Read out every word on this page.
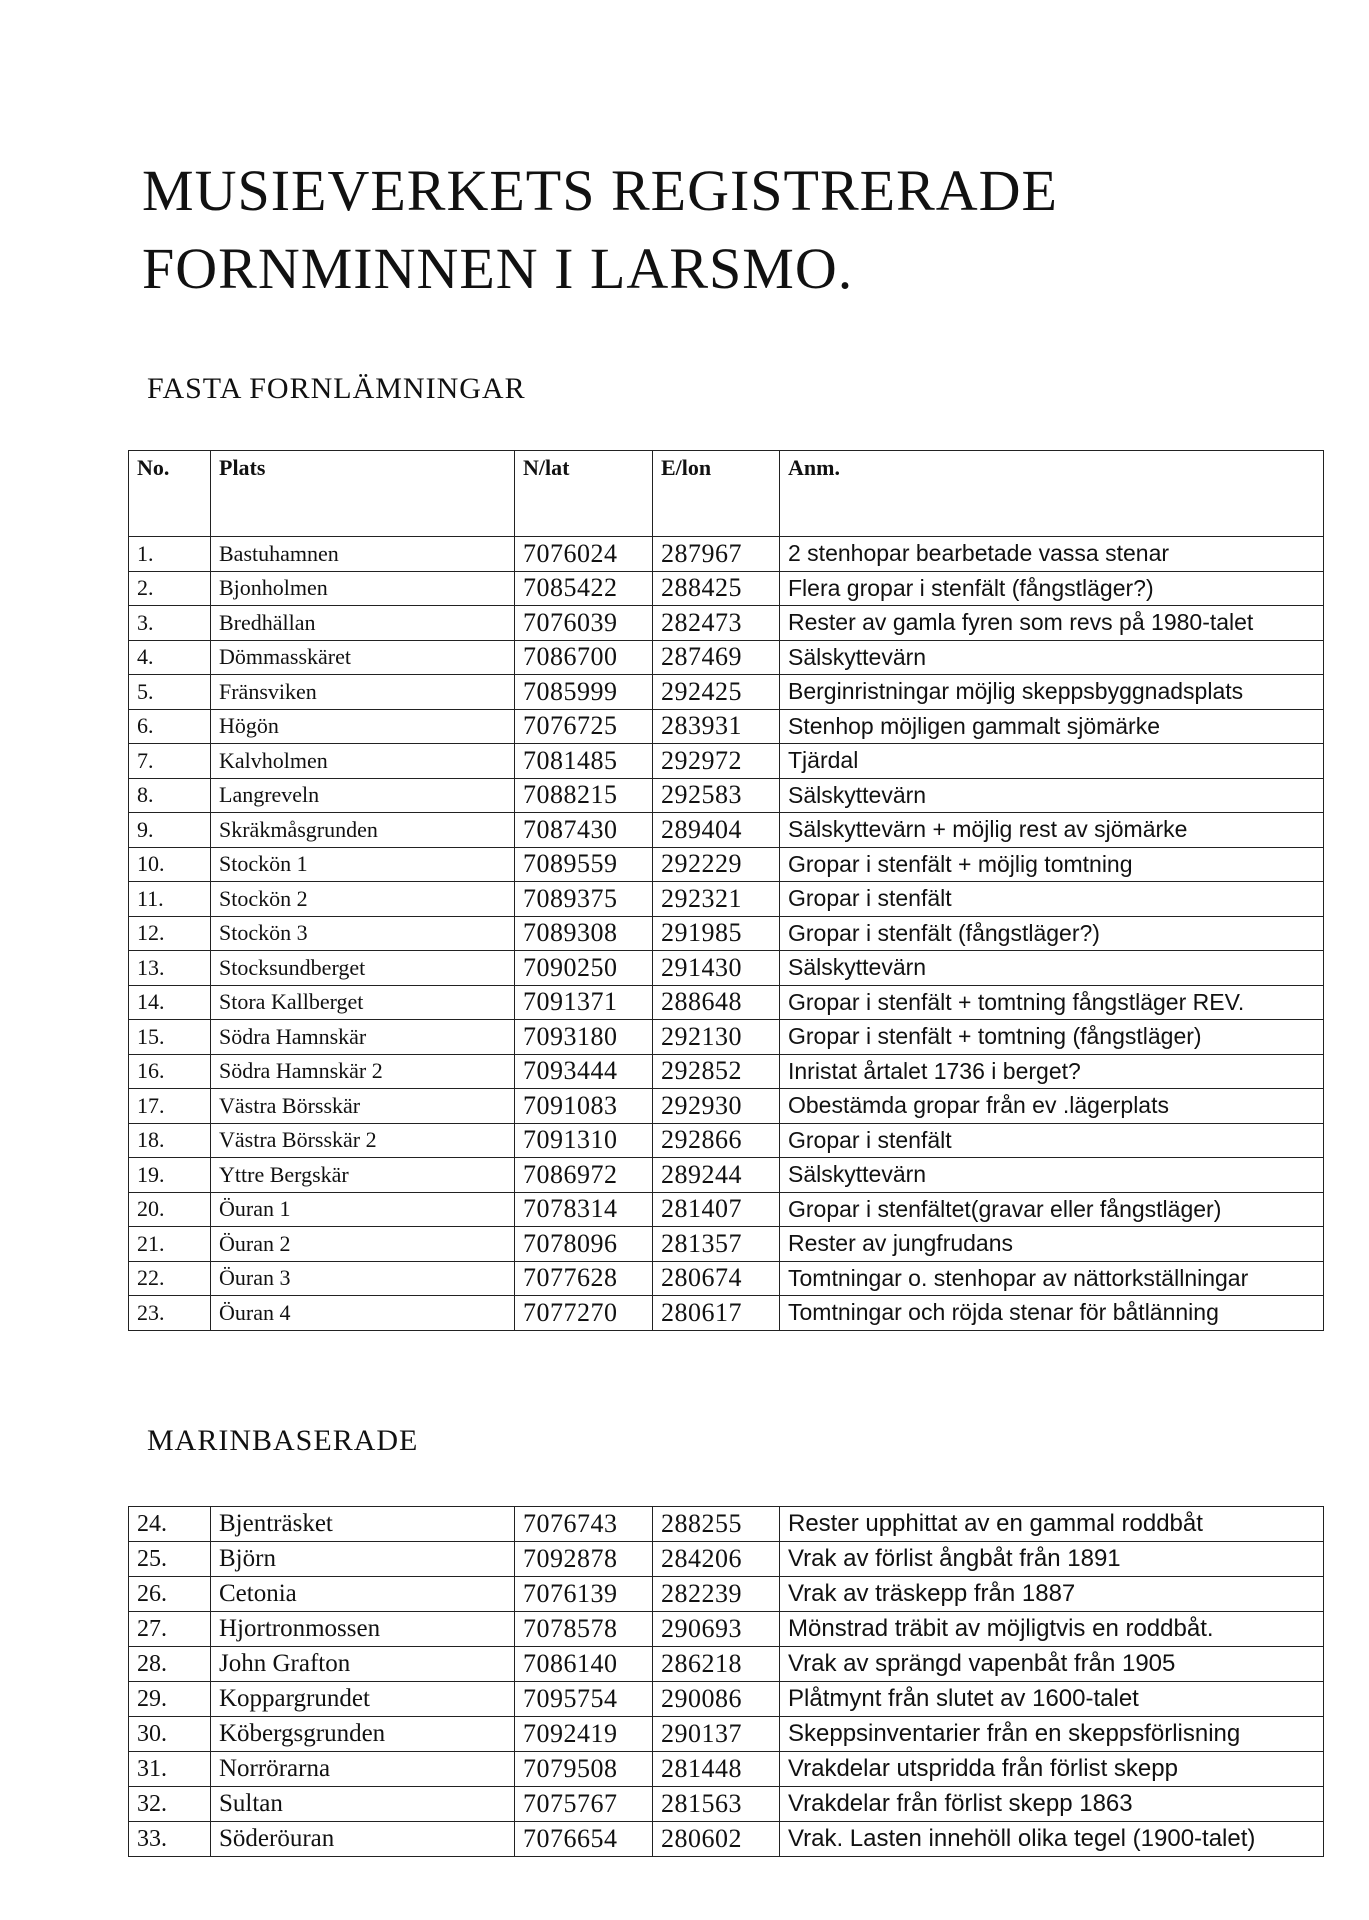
MUSIEVERKETS REGISTRERADE
FORNMINNEN I LARSMO.
FASTA FORNLÄMNINGAR
No.	Plats	N/lat	E/lon	Anm.

1.	Bastuhamnen	7076024	287967	2 stenhopar bearbetade vassa stenar
2.	Bjonholmen	7085422	288425	Flera gropar i stenfält (fångstläger?)
3.	Bredhällan	7076039	282473	Rester av gamla fyren som revs på 1980-talet
4.	Dömmasskäret	7086700	287469	Sälskyttevärn
5.	Fränsviken	7085999	292425	Berginristningar möjlig skeppsbyggnadsplats
6.	Högön	7076725	283931	Stenhop möjligen gammalt sjömärke
7.	Kalvholmen	7081485	292972	Tjärdal
8.	Langreveln	7088215	292583	Sälskyttevärn
9.	Skräkmåsgrunden	7087430	289404	Sälskyttevärn + möjlig rest av sjömärke
10.	Stockön 1	7089559	292229	Gropar i stenfält + möjlig tomtning
11.	Stockön 2	7089375	292321	Gropar i stenfält
12.	Stockön 3	7089308	291985	Gropar i stenfält (fångstläger?)
13.	Stocksundberget	7090250	291430	Sälskyttevärn
14.	Stora Kallberget	7091371	288648	Gropar i stenfält + tomtning fångstläger REV.
15.	Södra Hamnskär	7093180	292130	Gropar i stenfält + tomtning (fångstläger)
16.	Södra Hamnskär 2	7093444	292852	Inristat årtalet 1736 i berget?
17.	Västra Börsskär	7091083	292930	Obestämda gropar från ev .lägerplats
18.	Västra Börsskär 2	7091310	292866	Gropar i stenfält
19.	Yttre Bergskär	7086972	289244	Sälskyttevärn
20.	Öuran 1	7078314	281407	Gropar i stenfältet(gravar eller fångstläger)
21.	Öuran 2	7078096	281357	Rester av jungfrudans
22.	Öuran 3	7077628	280674	Tomtningar o. stenhopar av nättorkställningar
23.	Öuran 4	7077270	280617	Tomtningar och röjda stenar för båtlänning
MARINBASERADE
24.	Bjenträsket	7076743	288255	Rester upphittat av en gammal roddbåt
25.	Björn	7092878	284206	Vrak av förlist ångbåt från 1891
26.	Cetonia	7076139	282239	Vrak av träskepp från 1887
27.	Hjortronmossen	7078578	290693	Mönstrad träbit av möjligtvis en roddbåt.
28.	John Grafton	7086140	286218	Vrak av sprängd vapenbåt från 1905
29.	Koppargrundet	7095754	290086	Plåtmynt från slutet av 1600-talet
30.	Köbergsgrunden	7092419	290137	Skeppsinventarier från en skeppsförlisning
31.	Norrörarna	7079508	281448	Vrakdelar utspridda från förlist skepp
32.	Sultan	7075767	281563	Vrakdelar från förlist skepp 1863
33.	Söderöuran	7076654	280602	Vrak. Lasten innehöll olika tegel (1900-talet)
